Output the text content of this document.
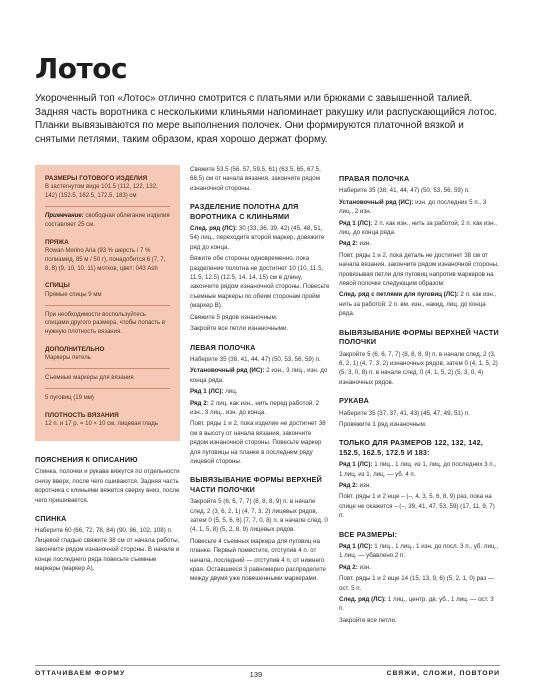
Лотос
Укороченный топ «Лотос» отлично смотрится с платьями или брюками с завышенной талией. Задняя часть воротника с несколькими клиньями напоминает ракушку или распускающийся лотос. Планки вывязываются по мере выполнения полочек. Они формируются платочной вязкой и снятыми петлями, таким образом, края хорошо держат форму.
РАЗМЕРЫ ГОТОВОГО ИЗДЕЛИЯ

В застегнутом виде 101.5 (112, 122, 132, 142) (152.5, 162.5, 172.5, 183) см

Примечание: свободная облегание изделия составляет 25 см.

ПРЯЖА

Rowan Merino Aria (93 % шерсть / 7 % полиамид, 85 м / 50 г), понадобится 6 (7, 7, 8, 8) (9, 10, 10, 11) мотков, цвет: 043 Ash

СПИЦЫ

Прямые спицы 9 мм

При необходимости воспользуйтесь спицами другого размера, чтобы попасть в нужную плотность вязания.

ДОПОЛНИТЕЛЬНО

Маркеры петель

Съемные маркеры для вязания

5 пуговиц (19 мм)

ПЛОТНОСТЬ ВЯЗАНИЯ

12 п. и 17 р. = 10 × 10 см, лицевая гладь

ПОЯСНЕНИЯ К ОПИСАНИЮ

Спинка, полочки и рукава вяжутся по отдельности снизу вверх, после чего сшиваются. Задняя часть воротника с клиньями вяжется сверху вниз, после чего пришивается.

СПИНКА

Наберите 60 (66, 72, 78, 84) (90, 96, 102, 108) п. Лицевой гладью свяжите 38 см от начала работы, закончите рядом изнаночной стороны. В начале и конце последнего ряда повесьте съемные маркеры (маркер А).

Свяжите 53.5 (56, 57, 59.5, 61) (63.5, 65, 67.5, 68.5) см от начала вязания, закончите рядом изнаночной стороны.

РАЗДЕЛЕНИЕ ПОЛОТНА ДЛЯ ВОРОТНИКА С КЛИНЬЯМИ

След. ряд (ЛС): 30 (33, 36, 39, 42) (45, 48, 51, 54) лиц., переходите второй маркер, довяжите ряд до конца.

Вяжите обе стороны одновременно, пока разделение полотна не достигнет 10 (10, 11.5, 11.5, 12.5) (12.5, 14, 14, 15) см в длину, закончите рядом изнаночной стороны. Повесьте съемные маркеры по обеим сторонам пройм (маркер В).

Свяжите 5 рядов изнаночным.

Закройте все петли изнаночными.

ЛЕВАЯ ПОЛОЧКА

Наберите 35 (38, 41, 44, 47) (50, 53, 56, 59) п.

Установочный ряд (ИС): 2 изн., 3 лиц., изн. до конца ряда.

Ряд 1 (ЛС): лиц.

Ряд 2: 2 лиц. как изн., нить перед работой, 2 изн., 3 лиц., изн. до конца.

Повт. ряды 1 и 2, пока изделие не достигнет 38 см в высоту от начала вязания, закончите рядом изнаночной стороны. Повесьте маркер для пуговицы на планке в последнем ряду лицевой стороны.

ВЫВЯЗЫВАНИЕ ФОРМЫ ВЕРХНЕЙ ЧАСТИ ПОЛОЧКИ

Закройте 5 (6, 6, 7, 7) (8, 8, 8, 9) п. в начале след. 2 (3, 6, 2, 1) (4, 7, 3, 2) лицевых рядов, затем 0 (5, 5, 6, 6) (7, 7, 0, 8) п. в начале след. 0 (4, 1, 5, 8) (5, 2, 8, 9) лицевых рядов.

Повесьте 4 съемных маркера для пуговиц на планке. Первый поместите, отступив 4 п. от начала, последний — отступив 4 п. от нижнего края. Оставшиеся 3 равномерно распределите между двумя уже повешенными маркерами.

ПРАВАЯ ПОЛОЧКА

Наберите 35 (38, 41, 44, 47) (50, 53, 56, 59) п.

Установочный ряд (ИС): изн. до последних 5 п., 3 лиц., 2 изн.

Ряд 1 (ЛС): 2 п. как изн., нить за работой, 2 п. как изн., лиц. до конца ряда.

Ряд 2: изн.

Повт. ряды 1 и 2, пока деталь не достигнет 38 см от начала вязания, закончите рядом изнаночной стороны, провязывая петли для пуговиц напротив маркеров на левой полочке следующим образом:

След. ряд с петлями для пуговиц (ЛС): 2 п. как изн., нить за работой, 2 п. вм. изн., накид, лиц. до конца ряда.

ВЫВЯЗЫВАНИЕ ФОРМЫ ВЕРХНЕЙ ЧАСТИ ПОЛОЧКИ

Закройте 5 (6, 6, 7, 7) (8, 8, 8, 9) п. в начале след. 2 (3, 6, 2, 1) (4, 7, 3, 2) изнаночных рядов, затем 0 (4, 1, 5, 2) (5, 3, 0, 8) п. в начале след. 0 (4, 1, 5, 2) (5, 3, 0, 4) изнаночных рядов.

РУКАВА

Наберите 35 (37, 37, 41, 43) (45, 47, 49, 51) п.

Провяжите 1 ряд изнаночным.

ТОЛЬКО ДЛЯ РАЗМЕРОВ 122, 132, 142, 152.5, 162.5, 172.5 И 183:

Ряд 1 (ЛС): 1 лиц., 1 лиц. из 1, лиц. до последних 3 п., 1 лиц. из 1, лиц. — уб. 4 п.

Ряд 2: изн.

Повт. ряды 1 и 2 еще – (–, 4, 3, 5, 6, 8, 9) раз, пока на спице не окажется – (–, 39, 41, 47, 53, 59) (17, 11, 9, 7) п.

ВСЕ РАЗМЕРЫ:

Ряд 1 (ЛС): 1 лиц., 1 лиц., 1 изн. до посл. 3 п., уб. лиц., 1 лиц. — убавлено 2 п.

Ряд 2: изн.

Повт. ряды 1 и 2 еще 14 (15, 13, 9, 6) (5, 2, 1, 0) раз — ост. 5 п.

След. ряд (ЛС): 1 лиц., центр. дв. уб., 1 лиц. — ост. 3 п.

Закройте все петли.

ОТТАЧИВАЕМ ФОРМУ	139	СВЯЖИ, СЛОЖИ, ПОВТОРИ
